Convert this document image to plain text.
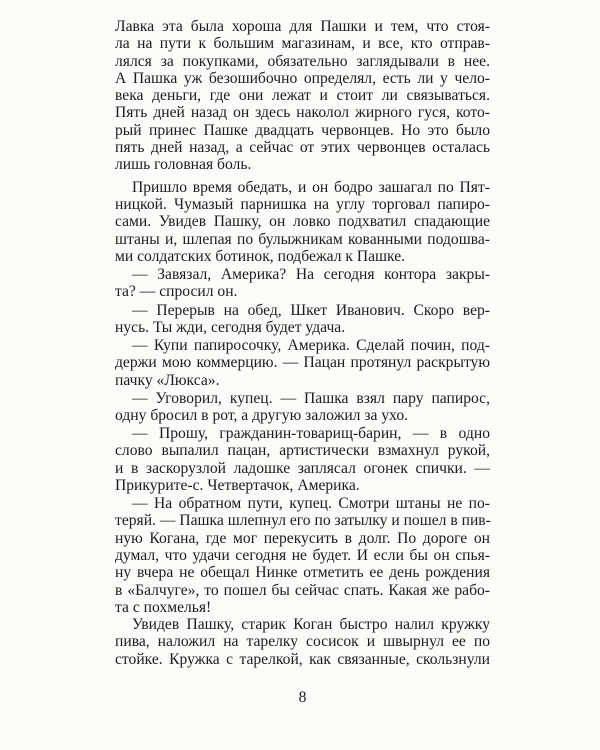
Лавка эта была хороша для Пашки и тем, что стоя-
ла на пути к большим магазинам, и все, кто отправ-
лялся за покупками, обязательно заглядывали в нее.
А Пашка уж безошибочно определял, есть ли у чело-
века деньги, где они лежат и стоит ли связываться.
Пять дней назад он здесь наколол жирного гуся, кото-
рый принес Пашке двадцать червонцев. Но это было
пять дней назад, а сейчас от этих червонцев осталась
лишь головная боль.
Пришло время обедать, и он бодро зашагал по Пят-
ницкой. Чумазый парнишка на углу торговал папиро-
сами. Увидев Пашку, он ловко подхватил спадающие
штаны и, шлепая по булыжникам кованными подошва-
ми солдатских ботинок, подбежал к Пашке.
— Завязал, Америка? На сегодня контора закры-
та? — спросил он.
— Перерыв на обед, Шкет Иванович. Скоро вер-
нусь. Ты жди, сегодня будет удача.
— Купи папиросочку, Америка. Сделай почин, под-
держи мою коммерцию. — Пацан протянул раскрытую
пачку «Люкса».
— Уговорил, купец. — Пашка взял пару папирос,
одну бросил в рот, а другую заложил за ухо.
— Прошу, гражданин-товарищ-барин, — в одно
слово выпалил пацан, артистически взмахнул рукой,
и в заскорузлой ладошке заплясал огонек спички. —
Прикурите-с. Четвертачок, Америка.
— На обратном пути, купец. Смотри штаны не по-
теряй. — Пашка шлепнул его по затылку и пошел в пив-
ную Когана, где мог перекусить в долг. По дороге он
думал, что удачи сегодня не будет. И если бы он спья-
ну вчера не обещал Нинке отметить ее день рождения
в «Балчуге», то пошел бы сейчас спать. Какая же рабо-
та с похмелья!
Увидев Пашку, старик Коган быстро налил кружку
пива, наложил на тарелку сосисок и швырнул ее по
стойке. Кружка с тарелкой, как связанные, скользнули
8
